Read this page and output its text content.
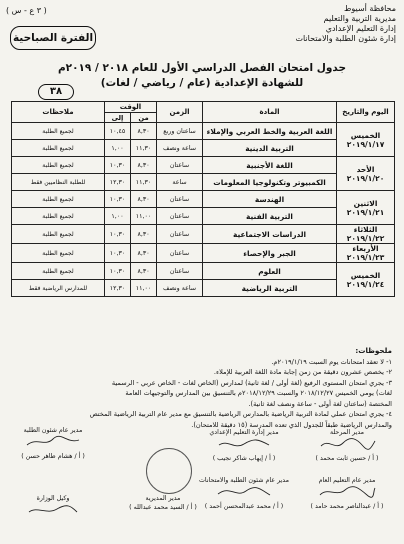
( ٣ ع - س )	محافظة أسيوط
مديرية التربية والتعليم
إدارة التعليم الإعدادي
إدارة شئون الطلبة والامتحانات
الفترة الصباحية
جدول امتحان الفصل الدراسي الأول للعام ٢٠١٨ / ٢٠١٩م
للشهادة الإعدادية (عام / رياضي / لغات)
٣٨
اليوم والتاريخ	المادة	الزمن	الوقت		ملاحظات
			من	إلى	

الخميس
٢٠١٩/١/١٧	اللغة العربية والخط العربي والإملاء	ساعتان وربع	٨,٣٠	١٠,٤٥	لجميع الطلبة
	التربية الدينية	ساعة ونصف	١١,٣٠	١,٠٠	لجميع الطلبة

الأحد
٢٠١٩/١/٢٠	اللغة الأجنبية	ساعتان	٨,٣٠	١٠,٣٠	لجميع الطلبة
	الكمبيوتر وتكنولوجيا المعلومات	ساعة	١١,٣٠	١٢,٣٠	للطلبة النظاميين فقط

الاثنين
٢٠١٩/١/٢١	الهندسة	ساعتان	٨,٣٠	١٠,٣٠	لجميع الطلبة
	التربية الفنية	ساعتان	١١,٠٠	١,٠٠	لجميع الطلبة

الثلاثاء
٢٠١٩/١/٢٢	الدراسات الاجتماعية	ساعتان	٨,٣٠	١٠,٣٠	لجميع الطلبة

الأربعاء
٢٠١٩/١/٢٣	الجبر والإحصاء	ساعتان	٨,٣٠	١٠,٣٠	لجميع الطلبة

الخميس
٢٠١٩/١/٢٤	العلوم	ساعتان	٨,٣٠	١٠,٣٠	لجميع الطلبة
	التربية الرياضية	ساعة ونصف	١١,٠٠	١٢,٣٠	للمدارس الرياضية فقط
ملحوظات:
١- لا تعقد امتحانات يوم السبت ٢٠١٩/١/١٩م.
٢- يخصص عشرون دقيقة من زمن إجابة مادة اللغة العربية للإملاء.
٣- يجري امتحان المستوى الرفيع (لغة أولى / لغة ثانية) لمدارس (الخاص لغات - الخاص عربي - الرسمية
لغات) يومي الخميس ٢٠١٨/١٢/٢٧ والسبت ٢٠١٨/١٢/٢٩م بالتنسيق بين المدارس والتوجيهات العامة
المختصة (ساعتان لغة أولى - ساعة ونصف لغة ثانية).
٤- يجري امتحان عملي لمادة التربية الرياضية بالمدارس الرياضية بالتنسيق مع مدير عام التربية الرياضية المختص
والمدارس الرياضية طبقاً للجدول الذي تعده المدرسة (١٥ دقيقة للامتحان).
مدير المرحلة
( أ / حسين ثابت محمد )
مدير عام التعليم العام
( أ / عبدالناصر محمد حامد )
مدير إدارة التعليم الإعدادي
( أ / إيهاب شاكر نجيب )
مدير عام شئون الطلبة والامتحانات
( أ / محمد عبدالمحسن أحمد )
مدير المديرية
( أ / السيد محمد عبدالله )
مدير عام شئون الطلبة
( أ / هشام طاهر حسن )
وكيل الوزارة
